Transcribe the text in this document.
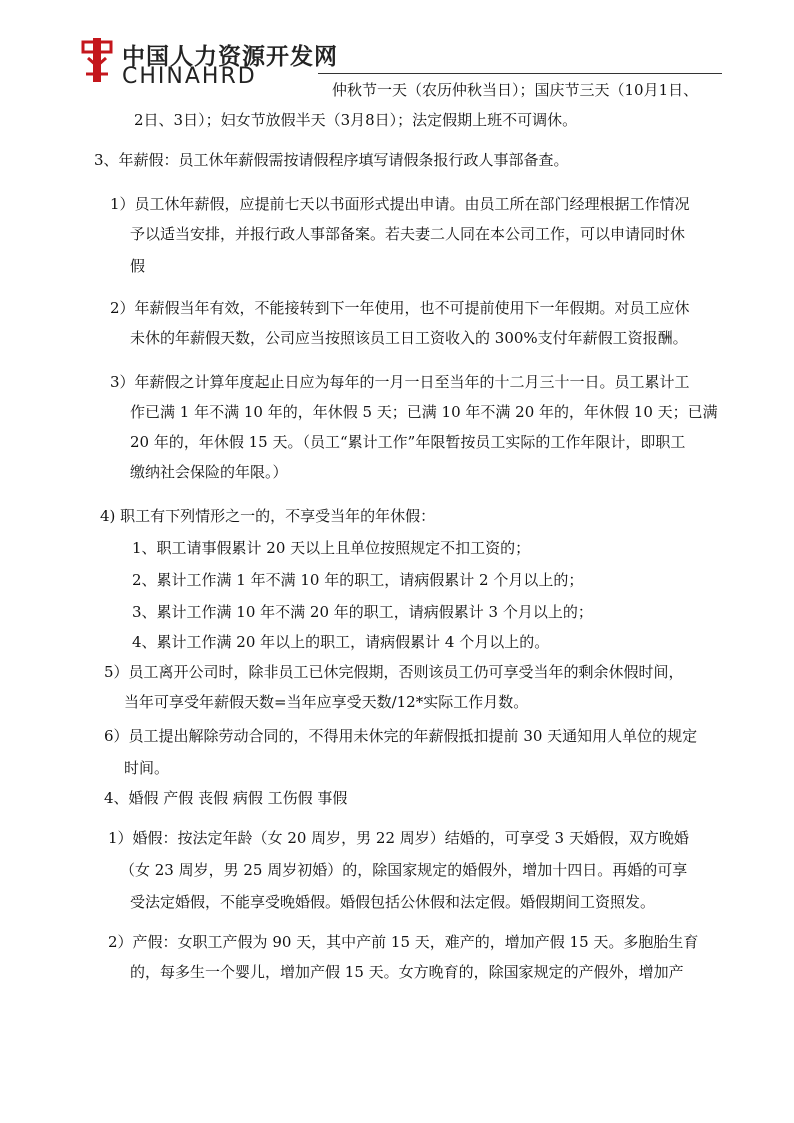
中国人力资源开发网
CHINAHRD
仲秋节一天（农历仲秋当日）；国庆节三天（10月1日、
2日、3日）；妇女节放假半天（3月8日）；法定假期上班不可调休。
3、年薪假：员工休年薪假需按请假程序填写请假条报行政人事部备查。
1）员工休年薪假，应提前七天以书面形式提出申请。由员工所在部门经理根据工作情况
予以适当安排，并报行政人事部备案。若夫妻二人同在本公司工作，可以申请同时休
假
2）年薪假当年有效，不能接转到下一年使用，也不可提前使用下一年假期。对员工应休
未休的年薪假天数，公司应当按照该员工日工资收入的 300%支付年薪假工资报酬。
3）年薪假之计算年度起止日应为每年的一月一日至当年的十二月三十一日。员工累计工
作已满 1 年不满 10 年的，年休假 5 天；已满 10 年不满 20 年的，年休假 10 天；已满
20 年的，年休假 15 天。（员工“累计工作”年限暂按员工实际的工作年限计，即职工
缴纳社会保险的年限。）
4) 职工有下列情形之一的，不享受当年的年休假：
1、职工请事假累计 20 天以上且单位按照规定不扣工资的；
2、累计工作满 1 年不满 10 年的职工，请病假累计 2 个月以上的；
3、累计工作满 10 年不满 20 年的职工，请病假累计 3 个月以上的；
4、累计工作满 20 年以上的职工，请病假累计 4 个月以上的。
5）员工离开公司时，除非员工已休完假期，否则该员工仍可享受当年的剩余休假时间，
当年可享受年薪假天数=当年应享受天数/12*实际工作月数。
6）员工提出解除劳动合同的，不得用未休完的年薪假抵扣提前 30 天通知用人单位的规定
时间。
4、婚假 产假 丧假 病假 工伤假 事假
1）婚假：按法定年龄（女 20 周岁，男 22 周岁）结婚的，可享受 3 天婚假，双方晚婚
（女 23 周岁，男 25 周岁初婚）的，除国家规定的婚假外，增加十四日。再婚的可享
受法定婚假，不能享受晚婚假。婚假包括公休假和法定假。婚假期间工资照发。
2）产假：女职工产假为 90 天，其中产前 15 天，难产的，增加产假 15 天。多胞胎生育
的，每多生一个婴儿，增加产假 15 天。女方晚育的，除国家规定的产假外，增加产
